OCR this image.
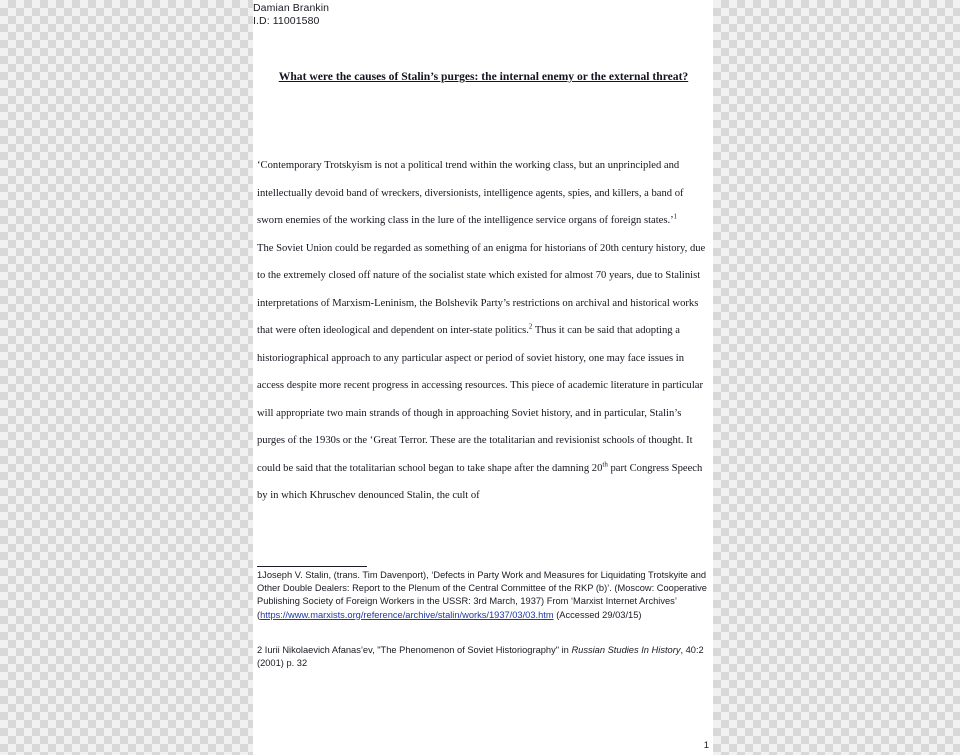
Damian Brankin
I.D: 11001580
What were the causes of Stalin’s purges: the internal enemy or the external threat?

‘Contemporary Trotskyism is not a political trend within the working class, but an unprincipled and intellectually devoid band of wreckers, diversionists, intelligence agents, spies, and killers, a band of sworn enemies of the working class in the lure of the intelligence service organs of foreign states.’$^1$

The Soviet Union could be regarded as something of an enigma for historians of 20th century history, due to the extremely closed off nature of the socialist state which existed for almost 70 years, due to Stalinist interpretations of Marxism-Leninism, the Bolshevik Party’s restrictions on archival and historical works that were often ideological and dependent on inter-state politics.$^2$ Thus it can be said that adopting a historiographical approach to any particular aspect or period of soviet history, one may face issues in access despite more recent progress in accessing resources. This piece of academic literature in particular will appropriate two main strands of though in approaching Soviet history, and in particular, Stalin’s purges of the 1930s or the ‘Great Terror. These are the totalitarian and revisionist schools of thought. It could be said that the totalitarian school began to take shape after the damning 20th part Congress Speech by in which Khruschev denounced Stalin, the cult of

1Joseph V. Stalin, (trans. Tim Davenport), ‘Defects in Party Work and Measures for Liquidating Trotskyite and Other Double Dealers: Report to the Plenum of the Central Committee of the RKP (b)’. (Moscow: Cooperative Publishing Society of Foreign Workers in the USSR: 3rd March, 1937) From ‘Marxist Internet Archives’ (https://www.marxists.org/reference/archive/stalin/works/1937/03/03.htm (Accessed 29/03/15)

2 Iurii Nikolaevich Afanas’ev, "The Phenomenon of Soviet Historiography" in Russian Studies In History, 40:2 (2001) p. 32

1
